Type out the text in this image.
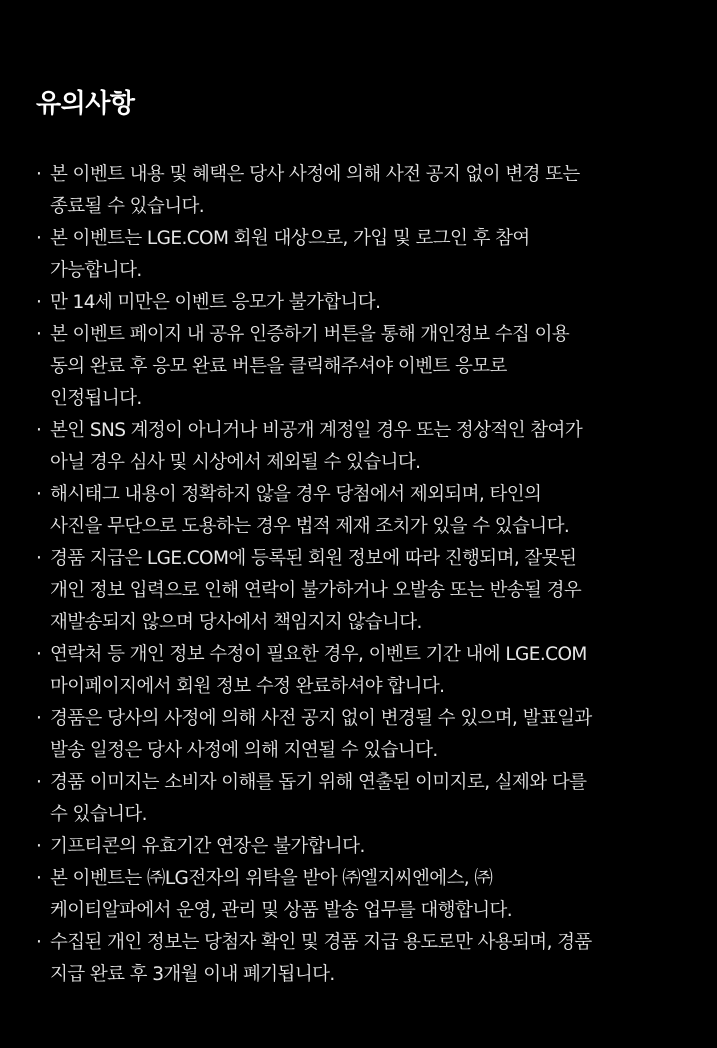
유의사항
· 본 이벤트 내용 및 혜택은 당사 사정에 의해 사전 공지 없이 변경 또는
종료될 수 있습니다.
· 본 이벤트는 LGE.COM 회원 대상으로, 가입 및 로그인 후 참여
가능합니다.
· 만 14세 미만은 이벤트 응모가 불가합니다.
· 본 이벤트 페이지 내 공유 인증하기 버튼을 통해 개인정보 수집 이용
동의 완료 후 응모 완료 버튼을 클릭해주셔야 이벤트 응모로
인정됩니다.
· 본인 SNS 계정이 아니거나 비공개 계정일 경우 또는 정상적인 참여가
아닐 경우 심사 및 시상에서 제외될 수 있습니다.
· 해시태그 내용이 정확하지 않을 경우 당첨에서 제외되며, 타인의
사진을 무단으로 도용하는 경우 법적 제재 조치가 있을 수 있습니다.
· 경품 지급은 LGE.COM에 등록된 회원 정보에 따라 진행되며, 잘못된
개인 정보 입력으로 인해 연락이 불가하거나 오발송 또는 반송될 경우
재발송되지 않으며 당사에서 책임지지 않습니다.
· 연락처 등 개인 정보 수정이 필요한 경우, 이벤트 기간 내에 LGE.COM
마이페이지에서 회원 정보 수정 완료하셔야 합니다.
· 경품은 당사의 사정에 의해 사전 공지 없이 변경될 수 있으며, 발표일과
발송 일정은 당사 사정에 의해 지연될 수 있습니다.
· 경품 이미지는 소비자 이해를 돕기 위해 연출된 이미지로, 실제와 다를
수 있습니다.
· 기프티콘의 유효기간 연장은 불가합니다.
· 본 이벤트는 ㈜LG전자의 위탁을 받아 ㈜엘지씨엔에스, ㈜
케이티알파에서 운영, 관리 및 상품 발송 업무를 대행합니다.
· 수집된 개인 정보는 당첨자 확인 및 경품 지급 용도로만 사용되며, 경품
지급 완료 후 3개월 이내 폐기됩니다.
